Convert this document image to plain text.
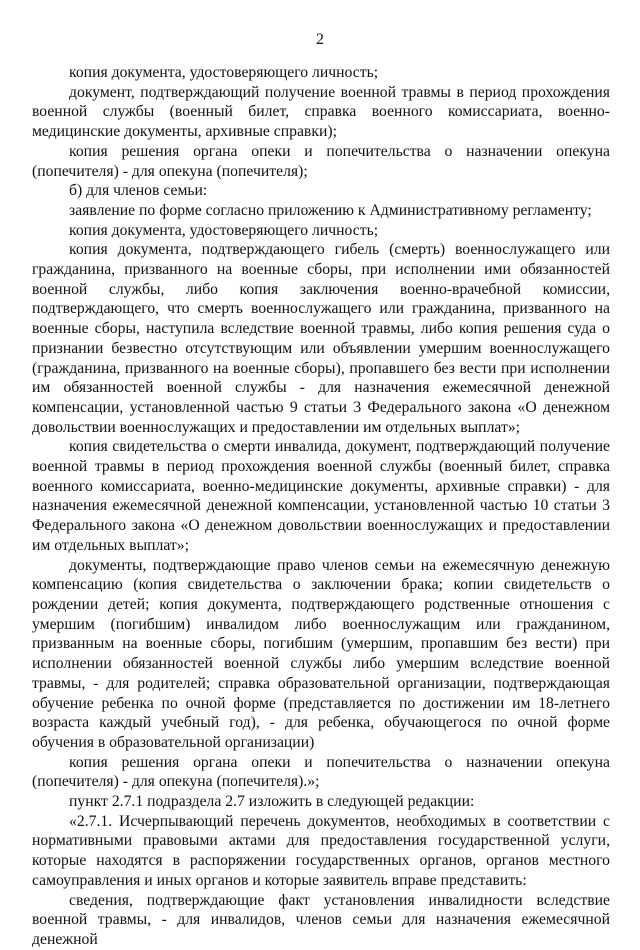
2

копия документа, удостоверяющего личность;

документ, подтверждающий получение военной травмы в период прохождения военной службы (военный билет, справка военного комиссариата, военно-медицинские документы, архивные справки);

копия решения органа опеки и попечительства о назначении опекуна (попечителя) - для опекуна (попечителя);

б) для членов семьи:

заявление по форме согласно приложению к Административному регламенту;

копия документа, удостоверяющего личность;

копия документа, подтверждающего гибель (смерть) военнослужащего или гражданина, призванного на военные сборы, при исполнении ими обязанностей военной службы, либо копия заключения военно-врачебной комиссии, подтверждающего, что смерть военнослужащего или гражданина, призванного на военные сборы, наступила вследствие военной травмы, либо копия решения суда о признании безвестно отсутствующим или объявлении умершим военнослужащего (гражданина, призванного на военные сборы), пропавшего без вести при исполнении им обязанностей военной службы - для назначения ежемесячной денежной компенсации, установленной частью 9 статьи 3 Федерального закона «О денежном довольствии военнослужащих и предоставлении им отдельных выплат»;

копия свидетельства о смерти инвалида, документ, подтверждающий получение военной травмы в период прохождения военной службы (военный билет, справка военного комиссариата, военно-медицинские документы, архивные справки) - для назначения ежемесячной денежной компенсации, установленной частью 10 статьи 3 Федерального закона «О денежном довольствии военнослужащих и предоставлении им отдельных выплат»;

документы, подтверждающие право членов семьи на ежемесячную денежную компенсацию (копия свидетельства о заключении брака; копии свидетельств о рождении детей; копия документа, подтверждающего родственные отношения с умершим (погибшим) инвалидом либо военнослужащим или гражданином, призванным на военные сборы, погибшим (умершим, пропавшим без вести) при исполнении обязанностей военной службы либо умершим вследствие военной травмы, - для родителей; справка образовательной организации, подтверждающая обучение ребенка по очной форме (представляется по достижении им 18-летнего возраста каждый учебный год), - для ребенка, обучающегося по очной форме обучения в образовательной организации)

копия решения органа опеки и попечительства о назначении опекуна (попечителя) - для опекуна (попечителя).»;

пункт 2.7.1 подраздела 2.7 изложить в следующей редакции:

«2.7.1. Исчерпывающий перечень документов, необходимых в соответствии с нормативными правовыми актами для предоставления государственной услуги, которые находятся в распоряжении государственных органов, органов местного самоуправления и иных органов и которые заявитель вправе представить:

сведения, подтверждающие факт установления инвалидности вследствие военной травмы, - для инвалидов, членов семьи для назначения ежемесячной денежной
